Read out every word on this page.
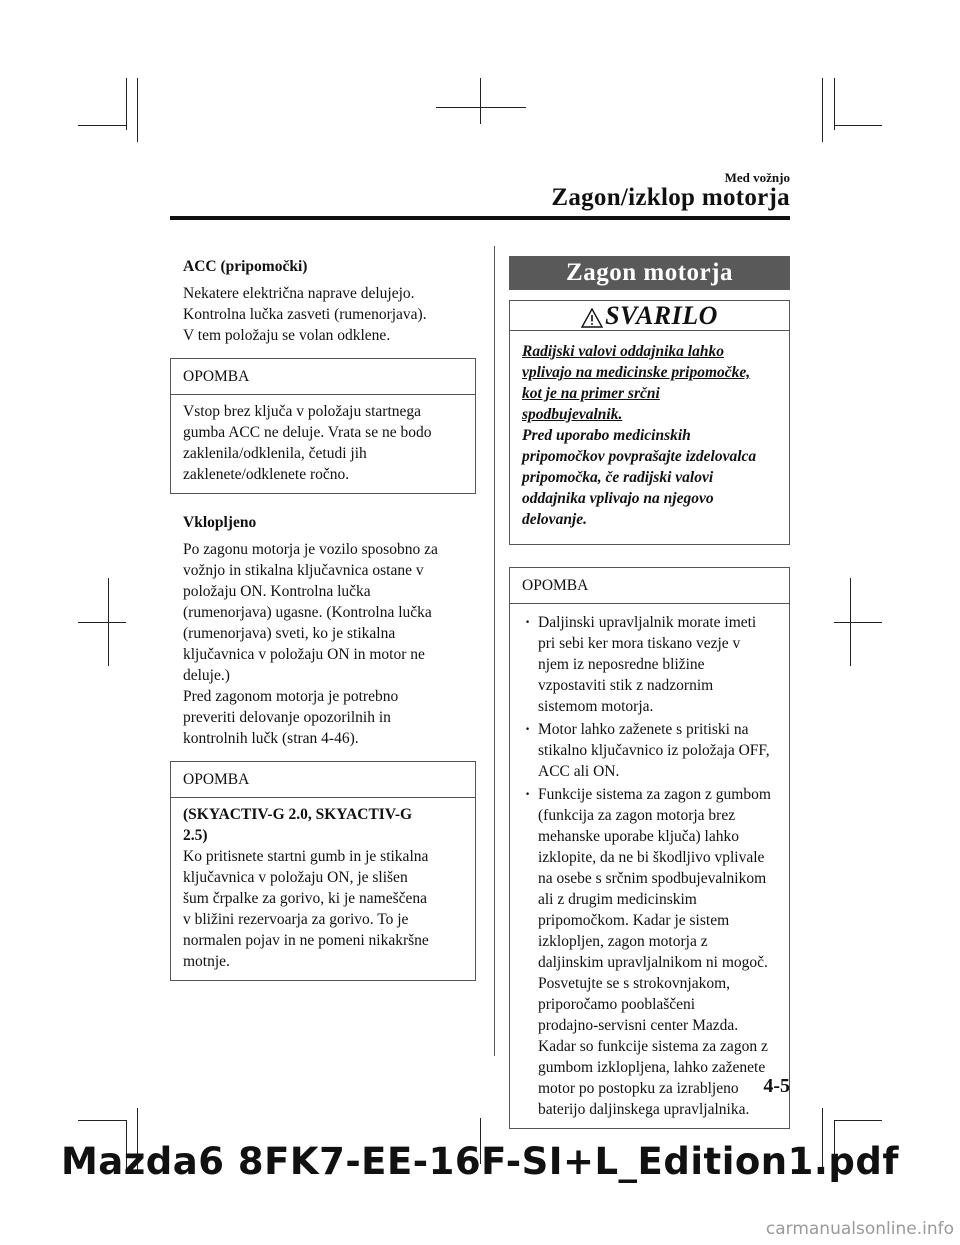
Med vožnjo
Zagon/izklop motorja

ACC (pripomočki)

Nekatere električna naprave delujejo.

Kontrolna lučka zasveti (rumenorjava).

V tem položaju se volan odklene.

OPOMBA

Vstop brez ključa v položaju startnega

gumba ACC ne deluje. Vrata se ne bodo

zaklenila/odklenila, četudi jih

zaklenete/odklenete ročno.

Vklopljeno

Po zagonu motorja je vozilo sposobno za

vožnjo in stikalna ključavnica ostane v

položaju ON. Kontrolna lučka

(rumenorjava) ugasne. (Kontrolna lučka

(rumenorjava) sveti, ko je stikalna

ključavnica v položaju ON in motor ne

deluje.)

Pred zagonom motorja je potrebno

preveriti delovanje opozorilnih in

kontrolnih lučk (stran 4-46).

OPOMBA

(SKYACTIV-G 2.0, SKYACTIV-G

2.5)

Ko pritisnete startni gumb in je stikalna

ključavnica v položaju ON, je slišen

šum črpalke za gorivo, ki je nameščena

v bližini rezervoarja za gorivo. To je

normalen pojav in ne pomeni nikakršne

motnje.

Zagon motorja
SVARILO

Radijski valovi oddajnika lahko

vplivajo na medicinske pripomočke,

kot je na primer srčni

spodbujevalnik.

Pred uporabo medicinskih

pripomočkov povprašajte izdelovalca

pripomočka, če radijski valovi

oddajnika vplivajo na njegovo

delovanje.

OPOMBA

· Daljinski upravljalnik morate imeti

pri sebi ker mora tiskano vezje v

njem iz neposredne bližine

vzpostaviti stik z nadzornim

sistemom motorja.

· Motor lahko zaženete s pritiski na

stikalno ključavnico iz položaja OFF,

ACC ali ON.

· Funkcije sistema za zagon z gumbom

(funkcija za zagon motorja brez

mehanske uporabe ključa) lahko

izklopite, da ne bi škodljivo vplivale

na osebe s srčnim spodbujevalnikom

ali z drugim medicinskim

pripomočkom. Kadar je sistem

izklopljen, zagon motorja z

daljinskim upravljalnikom ni mogoč.

Posvetujte se s strokovnjakom,

priporočamo pooblaščeni

prodajno-servisni center Mazda.

Kadar so funkcije sistema za zagon z

gumbom izklopljena, lahko zaženete

motor po postopku za izrabljeno

baterijo daljinskega upravljalnika.

4-5
Mazda6 8FK7-EE-16F-SI+L_Edition1.pdf
carmanualsonline.info
